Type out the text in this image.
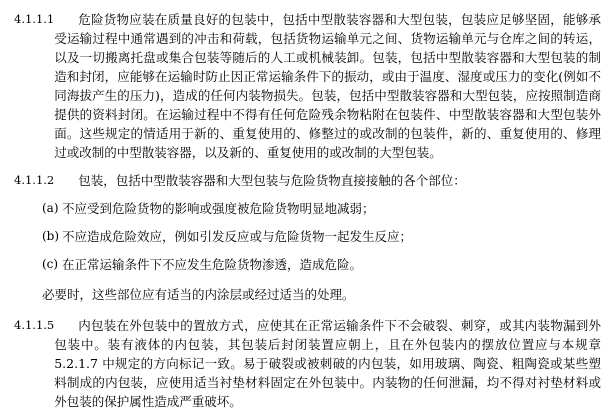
4.1.1.1	危险货物应装在质量良好的包装中，包括中型散装容器和大型包装，包装应足够坚固，能够承受运输过程中通常遇到的冲击和荷载，包括货物运输单元之间、货物运输单元与仓库之间的转运，以及一切搬离托盘或集合包装等随后的人工或机械装卸。包装，包括中型散装容器和大型包装的制造和封闭，应能够在运输时防止因正常运输条件下的振动，或由于温度、湿度或压力的变化(例如不同海拔产生的压力)，造成的任何内装物损失。包装，包括中型散装容器和大型包装，应按照制造商提供的资料封闭。在运输过程中不得有任何危险残余物粘附在包装件、中型散装容器和大型包装外面。这些规定的情适用于新的、重复使用的、修整过的或改制的包装件，新的、重复使用的、修理过或改制的中型散装容器，以及新的、重复使用的或改制的大型包装。
4.1.1.2	包装，包括中型散装容器和大型包装与危险货物直接接触的各个部位：
(a) 不应受到危险货物的影响或强度被危险货物明显地减弱；
(b) 不应造成危险效应，例如引发反应或与危险货物一起发生反应；
(c) 在正常运输条件下不应发生危险货物渗透，造成危险。
必要时，这些部位应有适当的内涂层或经过适当的处理。
4.1.1.5	内包装在外包装中的置放方式，应使其在正常运输条件下不会破裂、刺穿，或其内装物漏到外包装中。装有液体的内包装，其包装后封闭装置应朝上，且在外包装内的摆放位置应与本规章5.2.1.7 中规定的方向标记一致。易于破裂或被刺破的内包装，如用玻璃、陶瓷、粗陶瓷或某些塑料制成的内包装，应使用适当衬垫材料固定在外包装中。内装物的任何泄漏，均不得对衬垫材料或外包装的保护属性造成严重破坏。
